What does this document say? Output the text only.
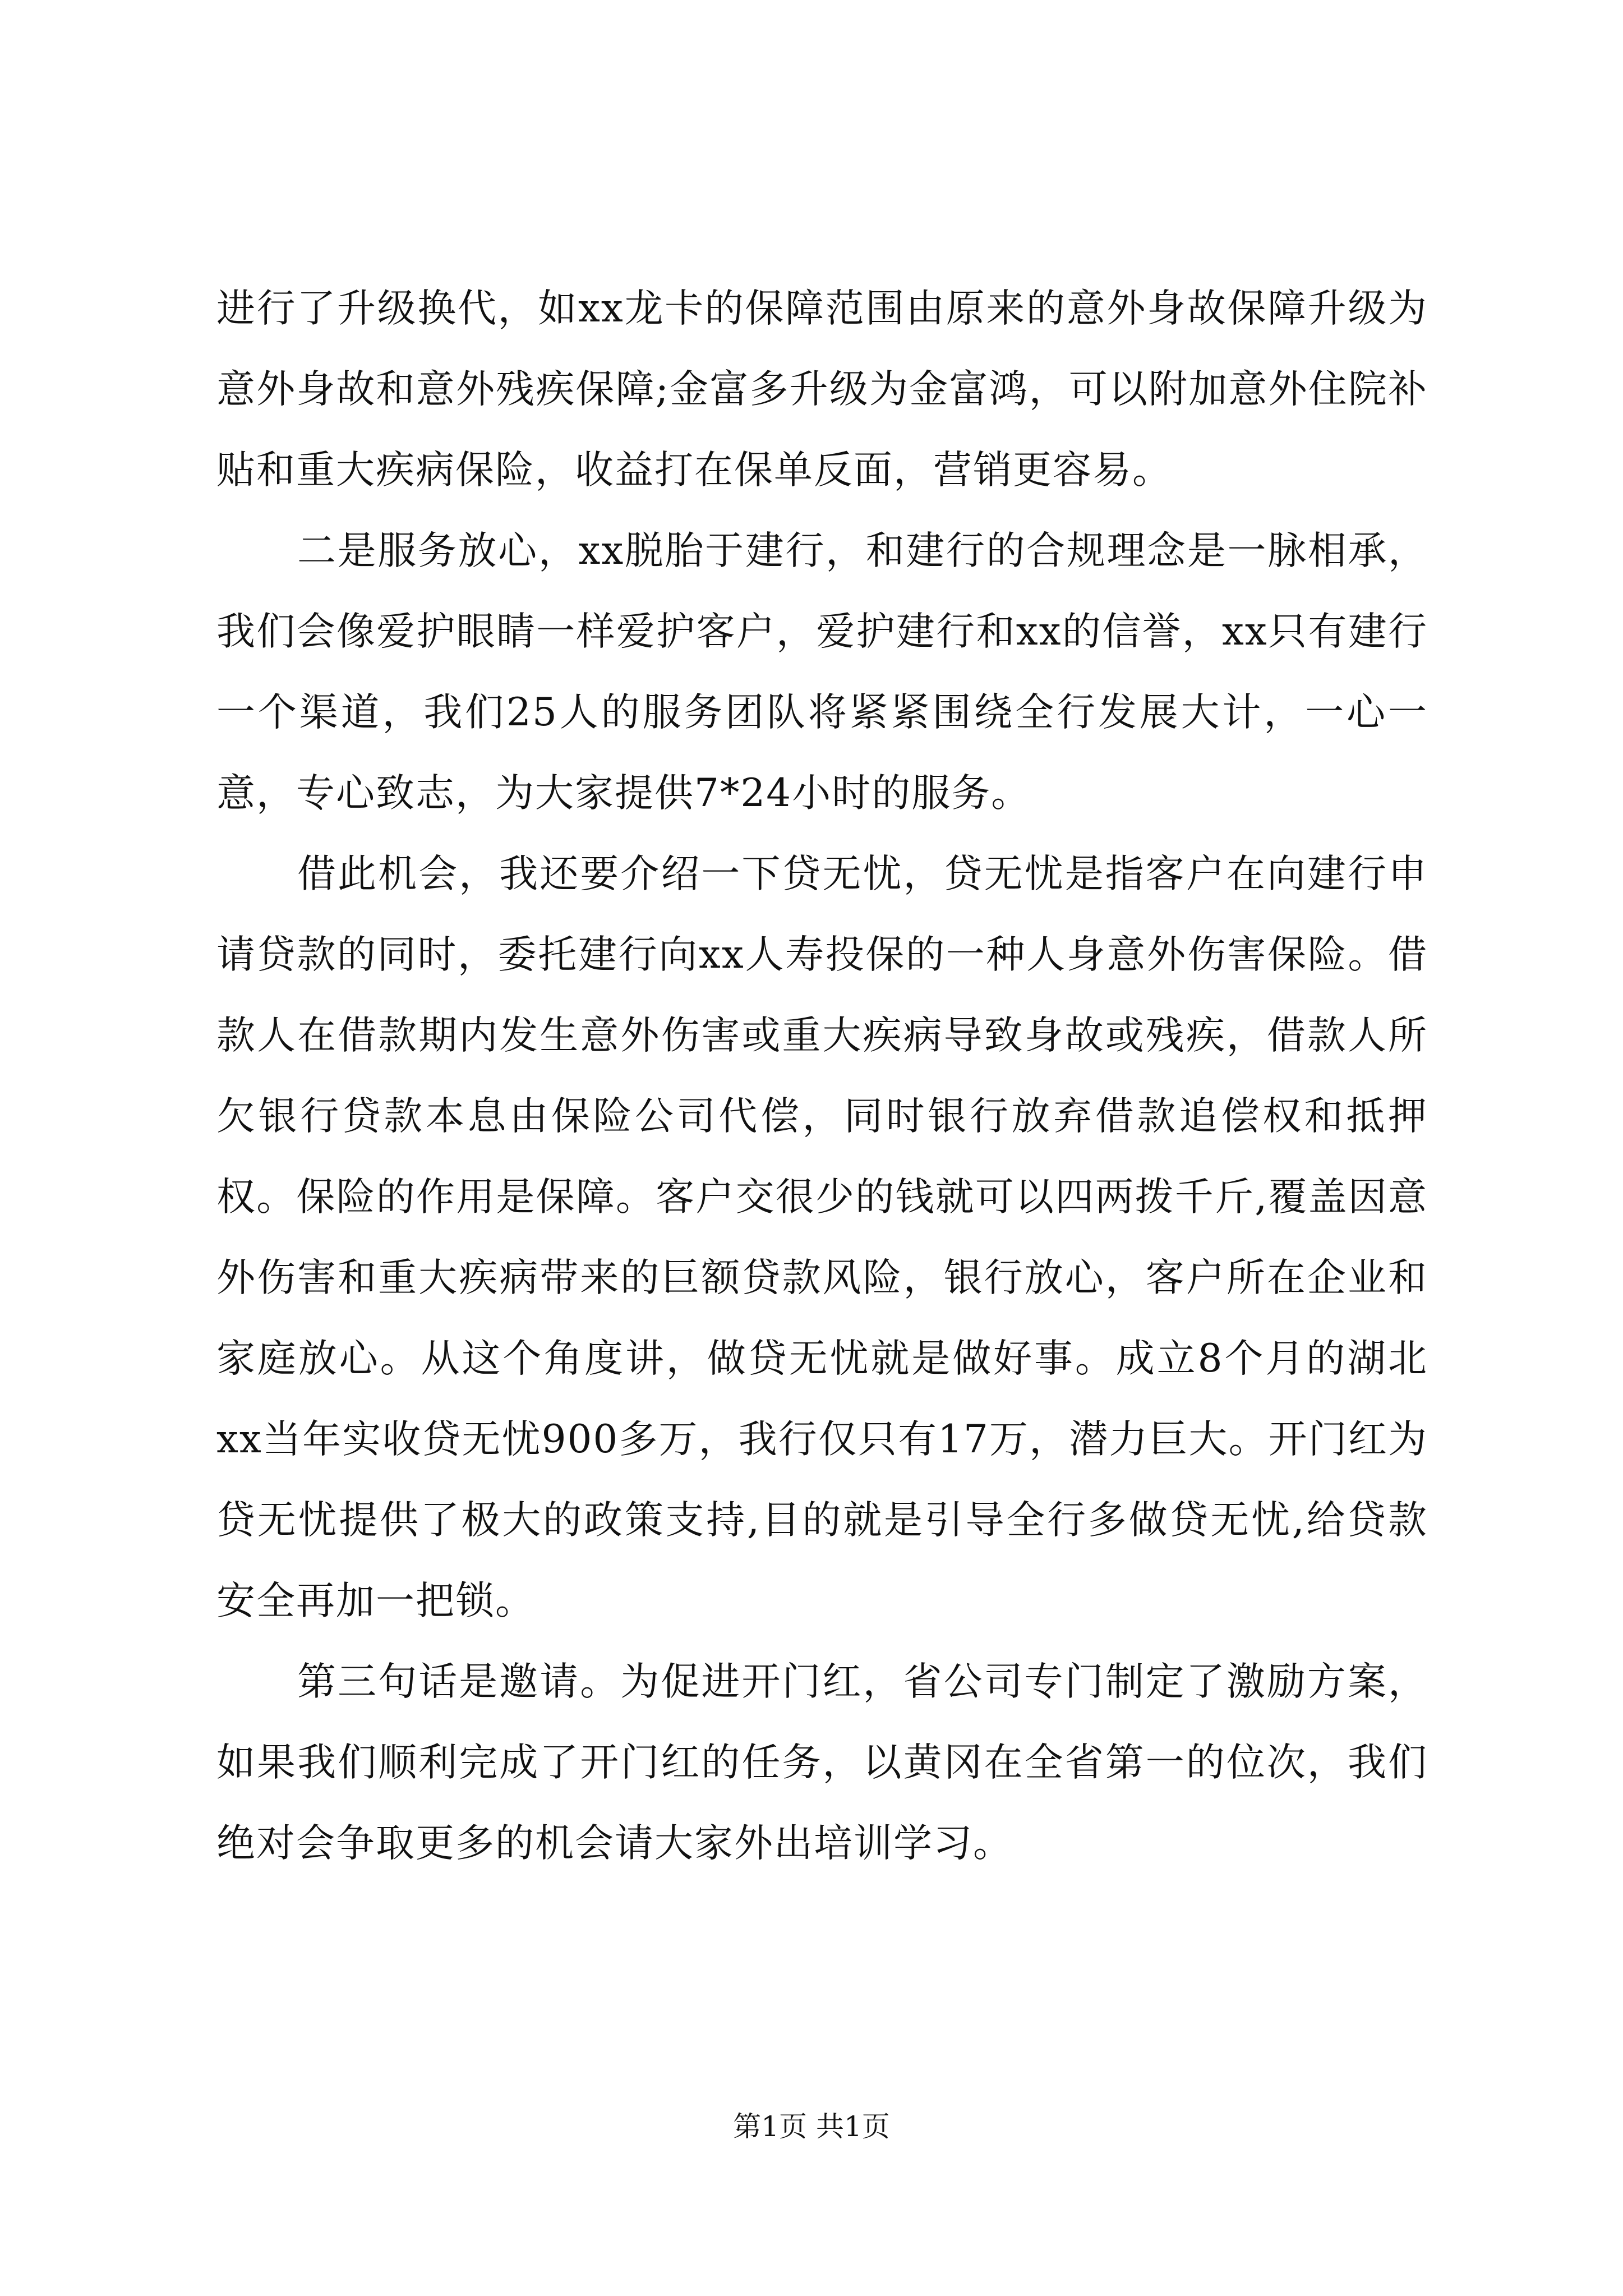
进行了升级换代，如xx龙卡的保障范围由原来的意外身故保障升级为意外身故和意外残疾保障;金富多升级为金富鸿，可以附加意外住院补贴和重大疾病保险，收益打在保单反面，营销更容易。

二是服务放心，xx脱胎于建行，和建行的合规理念是一脉相承，我们会像爱护眼睛一样爱护客户，爱护建行和xx的信誉，xx只有建行一个渠道，我们25人的服务团队将紧紧围绕全行发展大计，一心一意，专心致志，为大家提供7*24小时的服务。

借此机会，我还要介绍一下贷无忧，贷无忧是指客户在向建行申请贷款的同时，委托建行向xx人寿投保的一种人身意外伤害保险。借款人在借款期内发生意外伤害或重大疾病导致身故或残疾，借款人所欠银行贷款本息由保险公司代偿，同时银行放弃借款追偿权和抵押权。保险的作用是保障。客户交很少的钱就可以四两拨千斤,覆盖因意外伤害和重大疾病带来的巨额贷款风险，银行放心，客户所在企业和家庭放心。从这个角度讲，做贷无忧就是做好事。成立8个月的湖北xx当年实收贷无忧900多万，我行仅只有17万，潜力巨大。开门红为贷无忧提供了极大的政策支持,目的就是引导全行多做贷无忧,给贷款安全再加一把锁。

第三句话是邀请。为促进开门红，省公司专门制定了激励方案，如果我们顺利完成了开门红的任务，以黄冈在全省第一的位次，我们绝对会争取更多的机会请大家外出培训学习。

第1页 共1页
